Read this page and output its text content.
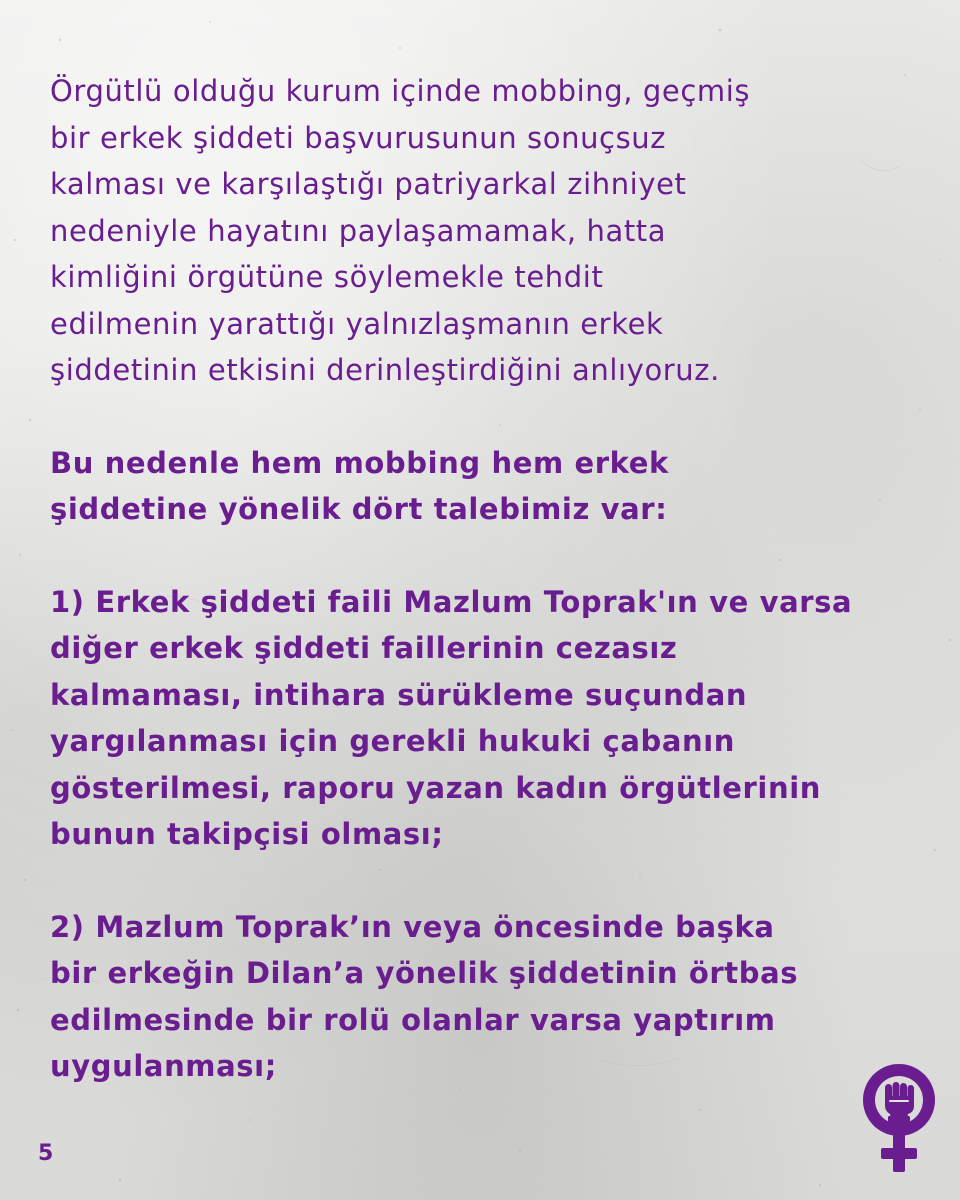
Örgütlü olduğu kurum içinde mobbing, geçmiş
bir erkek şiddeti başvurusunun sonuçsuz
kalması ve karşılaştığı patriyarkal zihniyet
nedeniyle hayatını paylaşamamak, hatta
kimliğini örgütüne söylemekle tehdit
edilmenin yarattığı yalnızlaşmanın erkek
şiddetinin etkisini derinleştirdiğini anlıyoruz.

Bu nedenle hem mobbing hem erkek
şiddetine yönelik dört talebimiz var:

1) Erkek şiddeti faili Mazlum Toprak'ın ve varsa
diğer erkek şiddeti faillerinin cezasız
kalmaması, intihara sürükleme suçundan
yargılanması için gerekli hukuki çabanın
gösterilmesi, raporu yazan kadın örgütlerinin
bunun takipçisi olması;

2) Mazlum Toprak’ın veya öncesinde başka
bir erkeğin Dilan’a yönelik şiddetinin örtbas
edilmesinde bir rolü olanlar varsa yaptırım
uygulanması;

5
